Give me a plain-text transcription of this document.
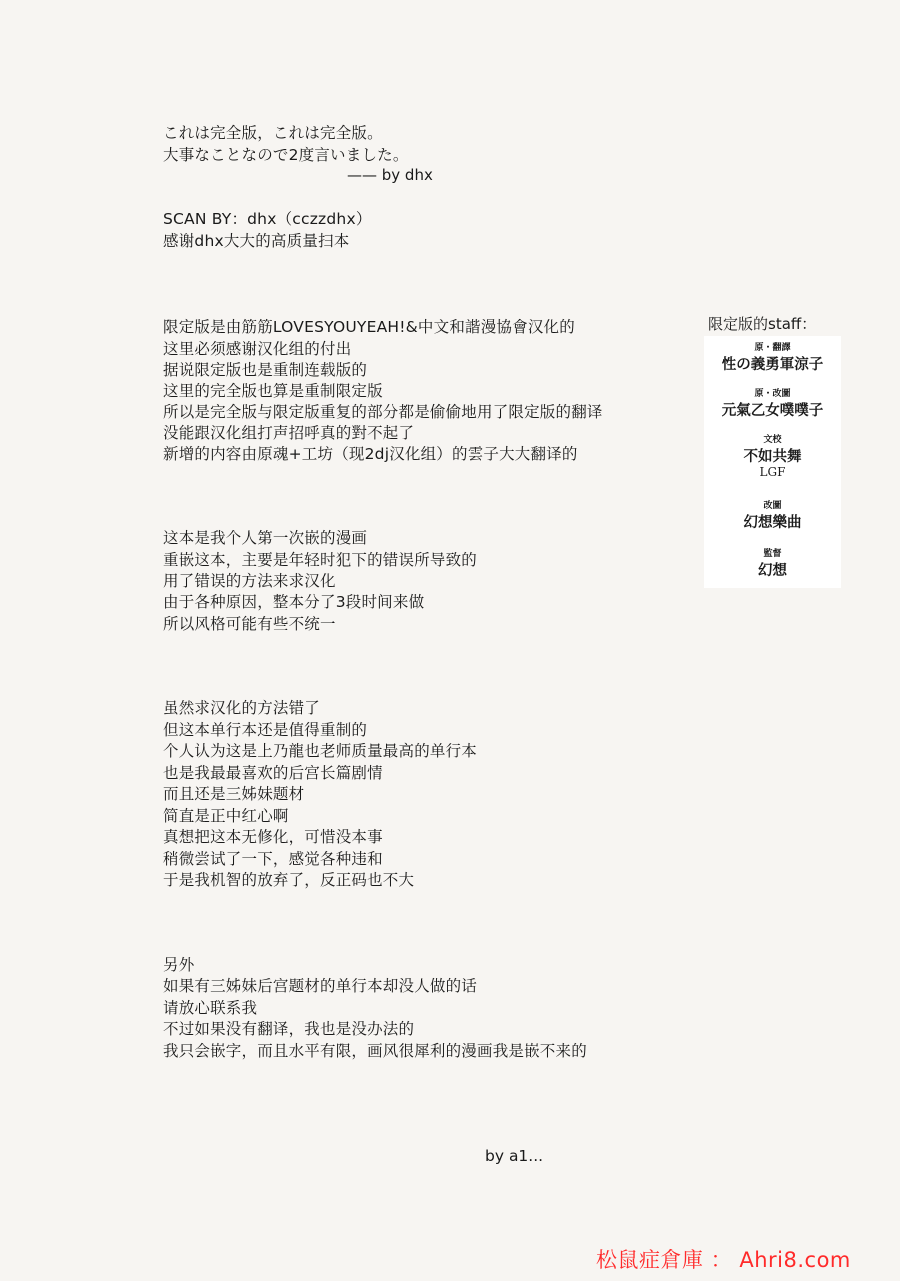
これは完全版，これは完全版。
大事なことなので2度言いました。
—— by dhx
SCAN BY：dhx（cczzdhx）
感谢dhx大大的高质量扫本
限定版是由筋筋LOVESYOUYEAH!&中文和諧漫協會汉化的
这里必须感谢汉化组的付出
据说限定版也是重制连载版的
这里的完全版也算是重制限定版
所以是完全版与限定版重复的部分都是偷偷地用了限定版的翻译
没能跟汉化组打声招呼真的對不起了
新增的内容由原魂+工坊（现2dj汉化组）的雲子大大翻译的
这本是我个人第一次嵌的漫画
重嵌这本，主要是年轻时犯下的错误所导致的
用了错误的方法来求汉化
由于各种原因，整本分了3段时间来做
所以风格可能有些不统一
虽然求汉化的方法错了
但这本单行本还是值得重制的
个人认为这是上乃龍也老师质量最高的单行本
也是我最最喜欢的后宫长篇剧情
而且还是三姊妹题材
简直是正中红心啊
真想把这本无修化，可惜没本事
稍微尝试了一下，感觉各种违和
于是我机智的放弃了，反正码也不大
另外
如果有三姊妹后宫题材的单行本却没人做的话
请放心联系我
不过如果没有翻译，我也是没办法的
我只会嵌字，而且水平有限，画风很犀利的漫画我是嵌不来的
限定版的staff：
原・翻譯
性の義勇軍涼子
原・改圖
元氣乙女噗噗子
文校
不如共舞
LGF
改圖
幻想樂曲
監督
幻想
by a1...
松鼠症倉庫 ： Ahri8.com
